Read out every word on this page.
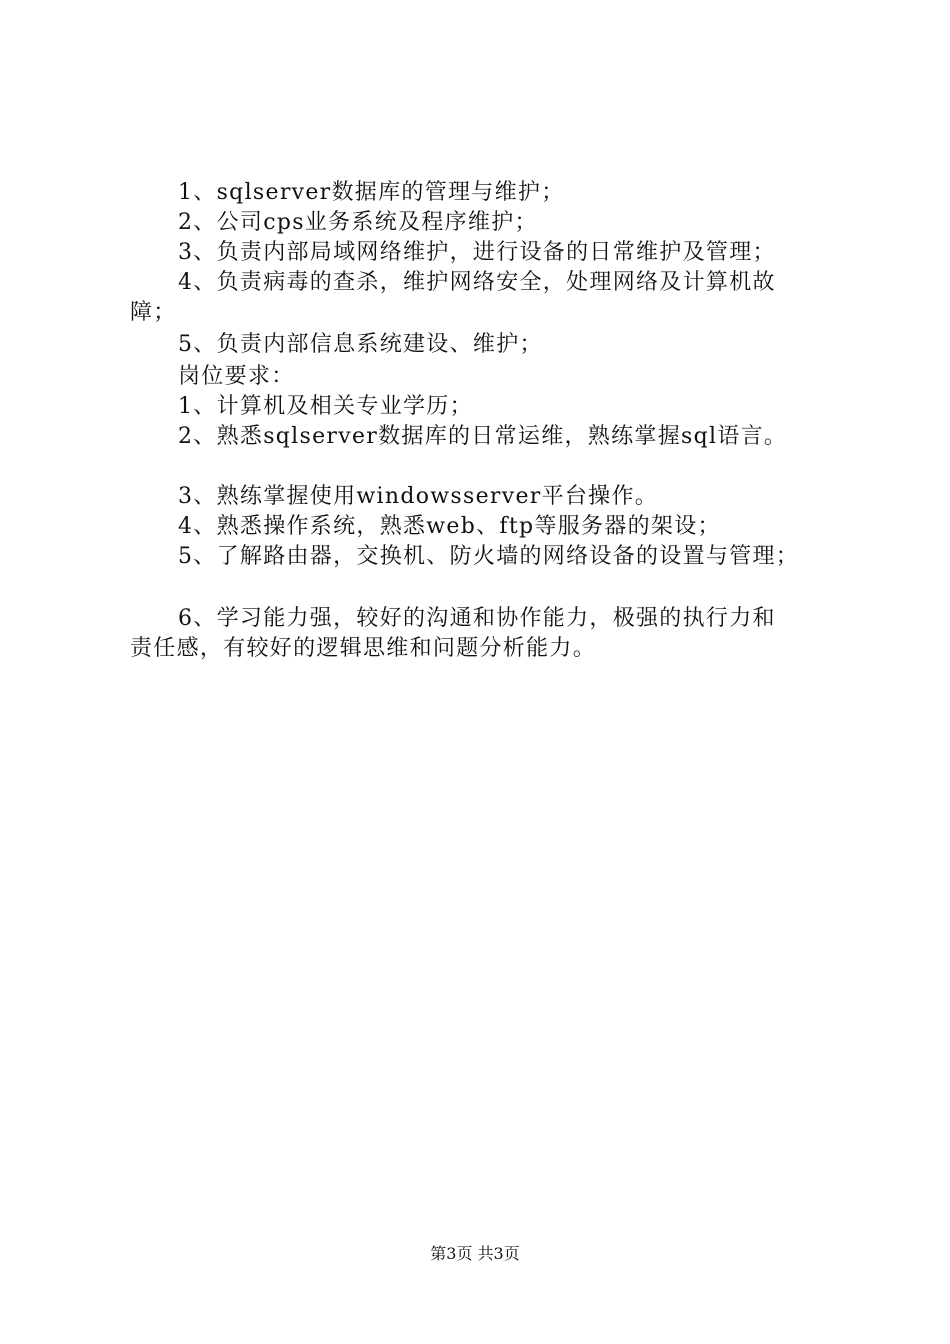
1、sqlserver数据库的管理与维护；
2、公司cps业务系统及程序维护；
3、负责内部局域网络维护，进行设备的日常维护及管理；
4、负责病毒的查杀，维护网络安全，处理网络及计算机故
障；
5、负责内部信息系统建设、维护；
岗位要求：
1、计算机及相关专业学历；
2、熟悉sqlserver数据库的日常运维，熟练掌握sql语言。
3、熟练掌握使用windowsserver平台操作。
4、熟悉操作系统，熟悉web、ftp等服务器的架设；
5、了解路由器，交换机、防火墙的网络设备的设置与管理；
6、学习能力强，较好的沟通和协作能力，极强的执行力和
责任感，有较好的逻辑思维和问题分析能力。
第3页 共3页
